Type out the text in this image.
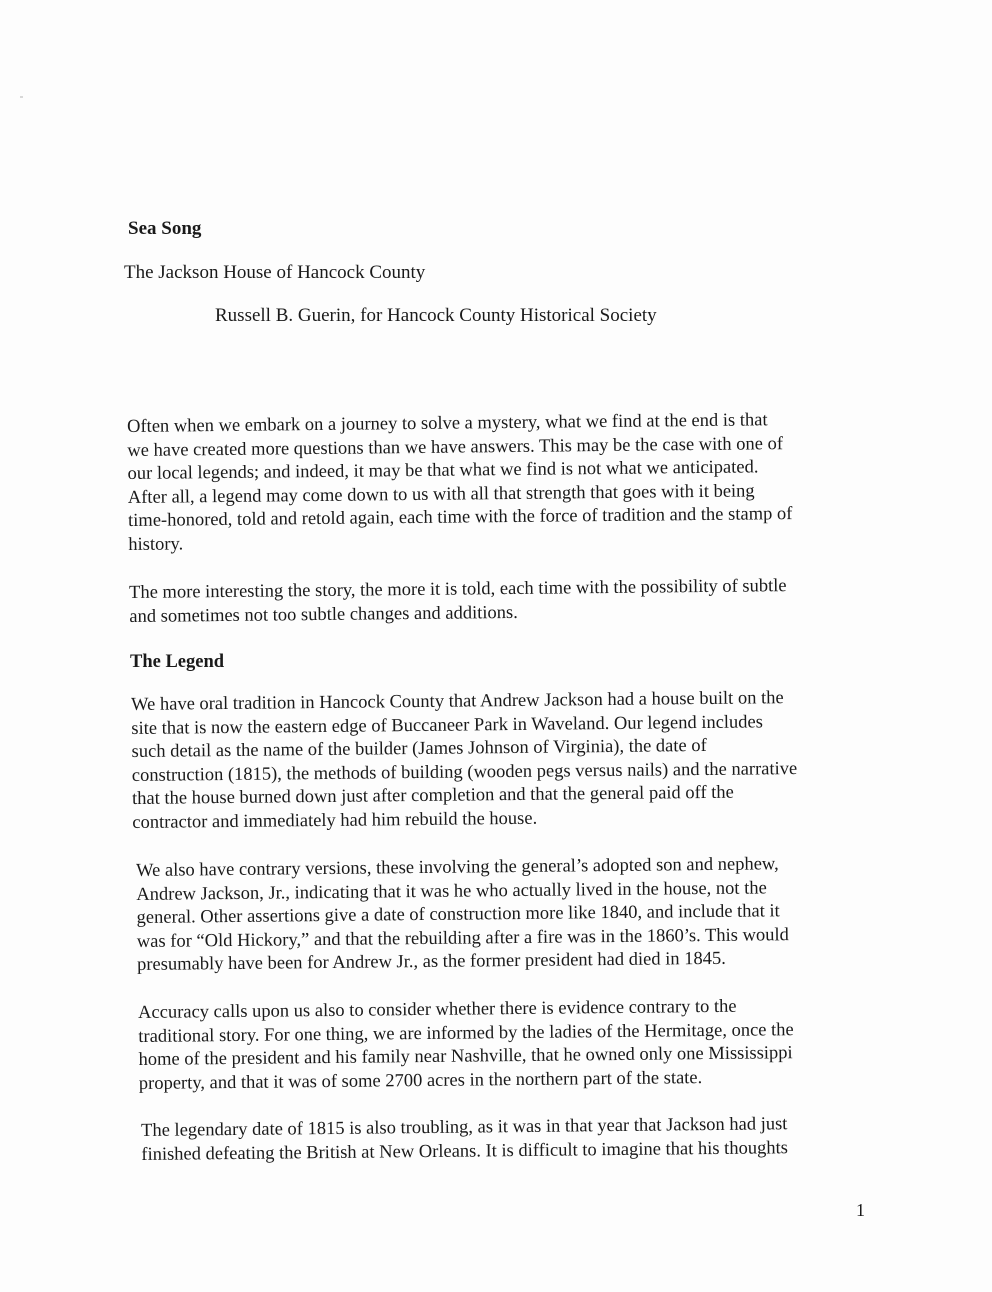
Sea Song

The Jackson House of Hancock County

Russell B. Guerin, for Hancock County Historical Society

Often when we embark on a journey to solve a mystery, what we find at the end is that
we have created more questions than we have answers. This may be the case with one of
our local legends; and indeed, it may be that what we find is not what we anticipated.
After all, a legend may come down to us with all that strength that goes with it being
time-honored, told and retold again, each time with the force of tradition and the stamp of
history.

The more interesting the story, the more it is told, each time with the possibility of subtle
and sometimes not too subtle changes and additions.

The Legend

We have oral tradition in Hancock County that Andrew Jackson had a house built on the
site that is now the eastern edge of Buccaneer Park in Waveland. Our legend includes
such detail as the name of the builder (James Johnson of Virginia), the date of
construction (1815), the methods of building (wooden pegs versus nails) and the narrative
that the house burned down just after completion and that the general paid off the
contractor and immediately had him rebuild the house.

We also have contrary versions, these involving the general’s adopted son and nephew,
Andrew Jackson, Jr., indicating that it was he who actually lived in the house, not the
general. Other assertions give a date of construction more like 1840, and include that it
was for “Old Hickory,” and that the rebuilding after a fire was in the 1860’s. This would
presumably have been for Andrew Jr., as the former president had died in 1845.

Accuracy calls upon us also to consider whether there is evidence contrary to the
traditional story. For one thing, we are informed by the ladies of the Hermitage, once the
home of the president and his family near Nashville, that he owned only one Mississippi
property, and that it was of some 2700 acres in the northern part of the state.

The legendary date of 1815 is also troubling, as it was in that year that Jackson had just
finished defeating the British at New Orleans. It is difficult to imagine that his thoughts

1
